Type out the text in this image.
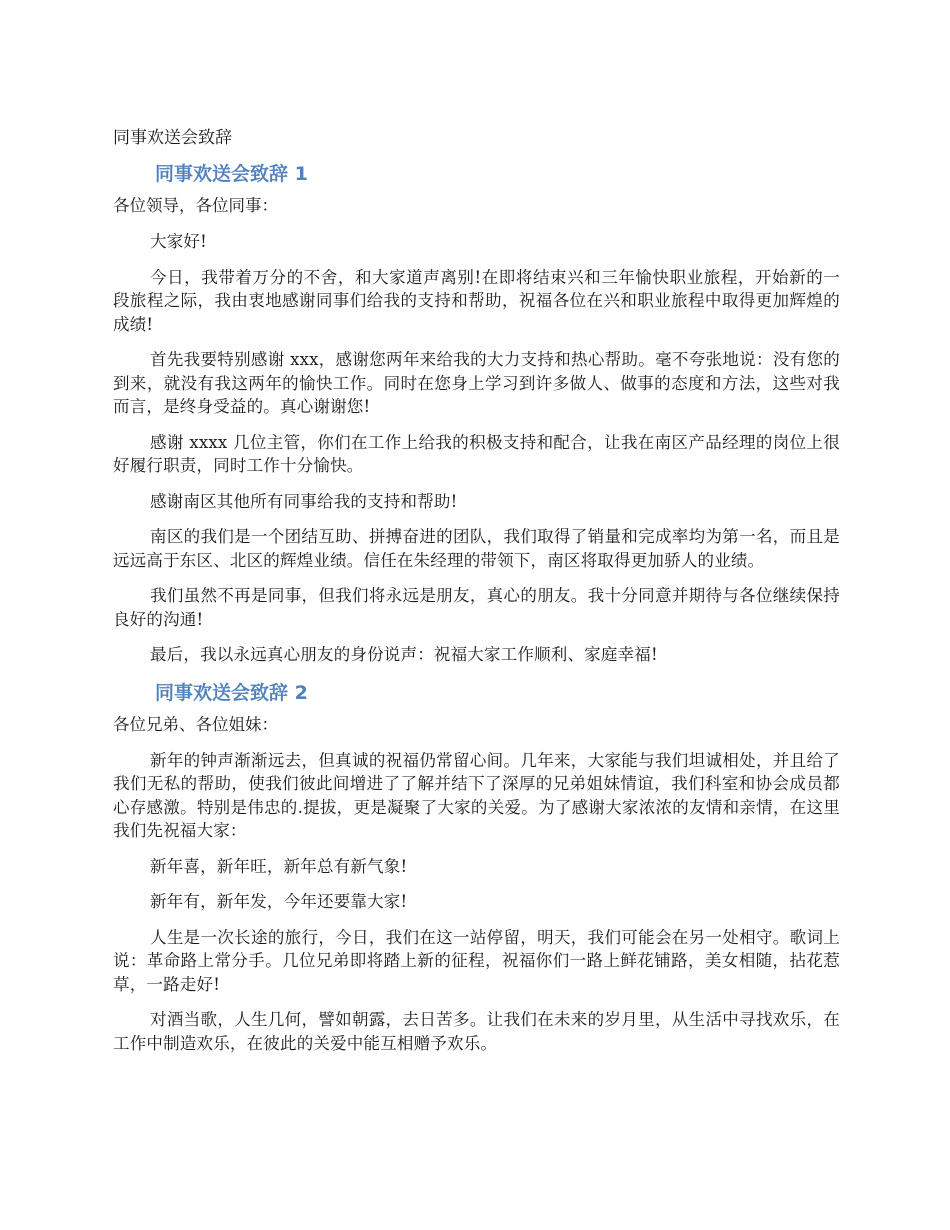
同事欢送会致辞
同事欢送会致辞 1
各位领导，各位同事：

大家好!

今日，我带着万分的不舍，和大家道声离别!在即将结束兴和三年愉快职业旅程，开始新的一段旅程之际，我由衷地感谢同事们给我的支持和帮助，祝福各位在兴和职业旅程中取得更加辉煌的成绩!

首先我要特别感谢 xxx，感谢您两年来给我的大力支持和热心帮助。毫不夸张地说：没有您的到来，就没有我这两年的愉快工作。同时在您身上学习到许多做人、做事的态度和方法，这些对我而言，是终身受益的。真心谢谢您!

感谢 xxxx 几位主管，你们在工作上给我的积极支持和配合，让我在南区产品经理的岗位上很好履行职责，同时工作十分愉快。

感谢南区其他所有同事给我的支持和帮助!

南区的我们是一个团结互助、拼搏奋进的团队，我们取得了销量和完成率均为第一名，而且是远远高于东区、北区的辉煌业绩。信任在朱经理的带领下，南区将取得更加骄人的业绩。

我们虽然不再是同事，但我们将永远是朋友，真心的朋友。我十分同意并期待与各位继续保持良好的沟通!

最后，我以永远真心朋友的身份说声：祝福大家工作顺利、家庭幸福!

同事欢送会致辞 2
各位兄弟、各位姐妹：

新年的钟声渐渐远去，但真诚的祝福仍常留心间。几年来，大家能与我们坦诚相处，并且给了我们无私的帮助，使我们彼此间增进了了解并结下了深厚的兄弟姐妹情谊，我们科室和协会成员都心存感激。特别是伟忠的.提拔，更是凝聚了大家的关爱。为了感谢大家浓浓的友情和亲情，在这里我们先祝福大家：

新年喜，新年旺，新年总有新气象!

新年有，新年发，今年还要靠大家!

人生是一次长途的旅行，今日，我们在这一站停留，明天，我们可能会在另一处相守。歌词上说：革命路上常分手。几位兄弟即将踏上新的征程，祝福你们一路上鲜花铺路，美女相随，拈花惹草，一路走好!

对酒当歌，人生几何，譬如朝露，去日苦多。让我们在未来的岁月里，从生活中寻找欢乐，在工作中制造欢乐，在彼此的关爱中能互相赠予欢乐。
